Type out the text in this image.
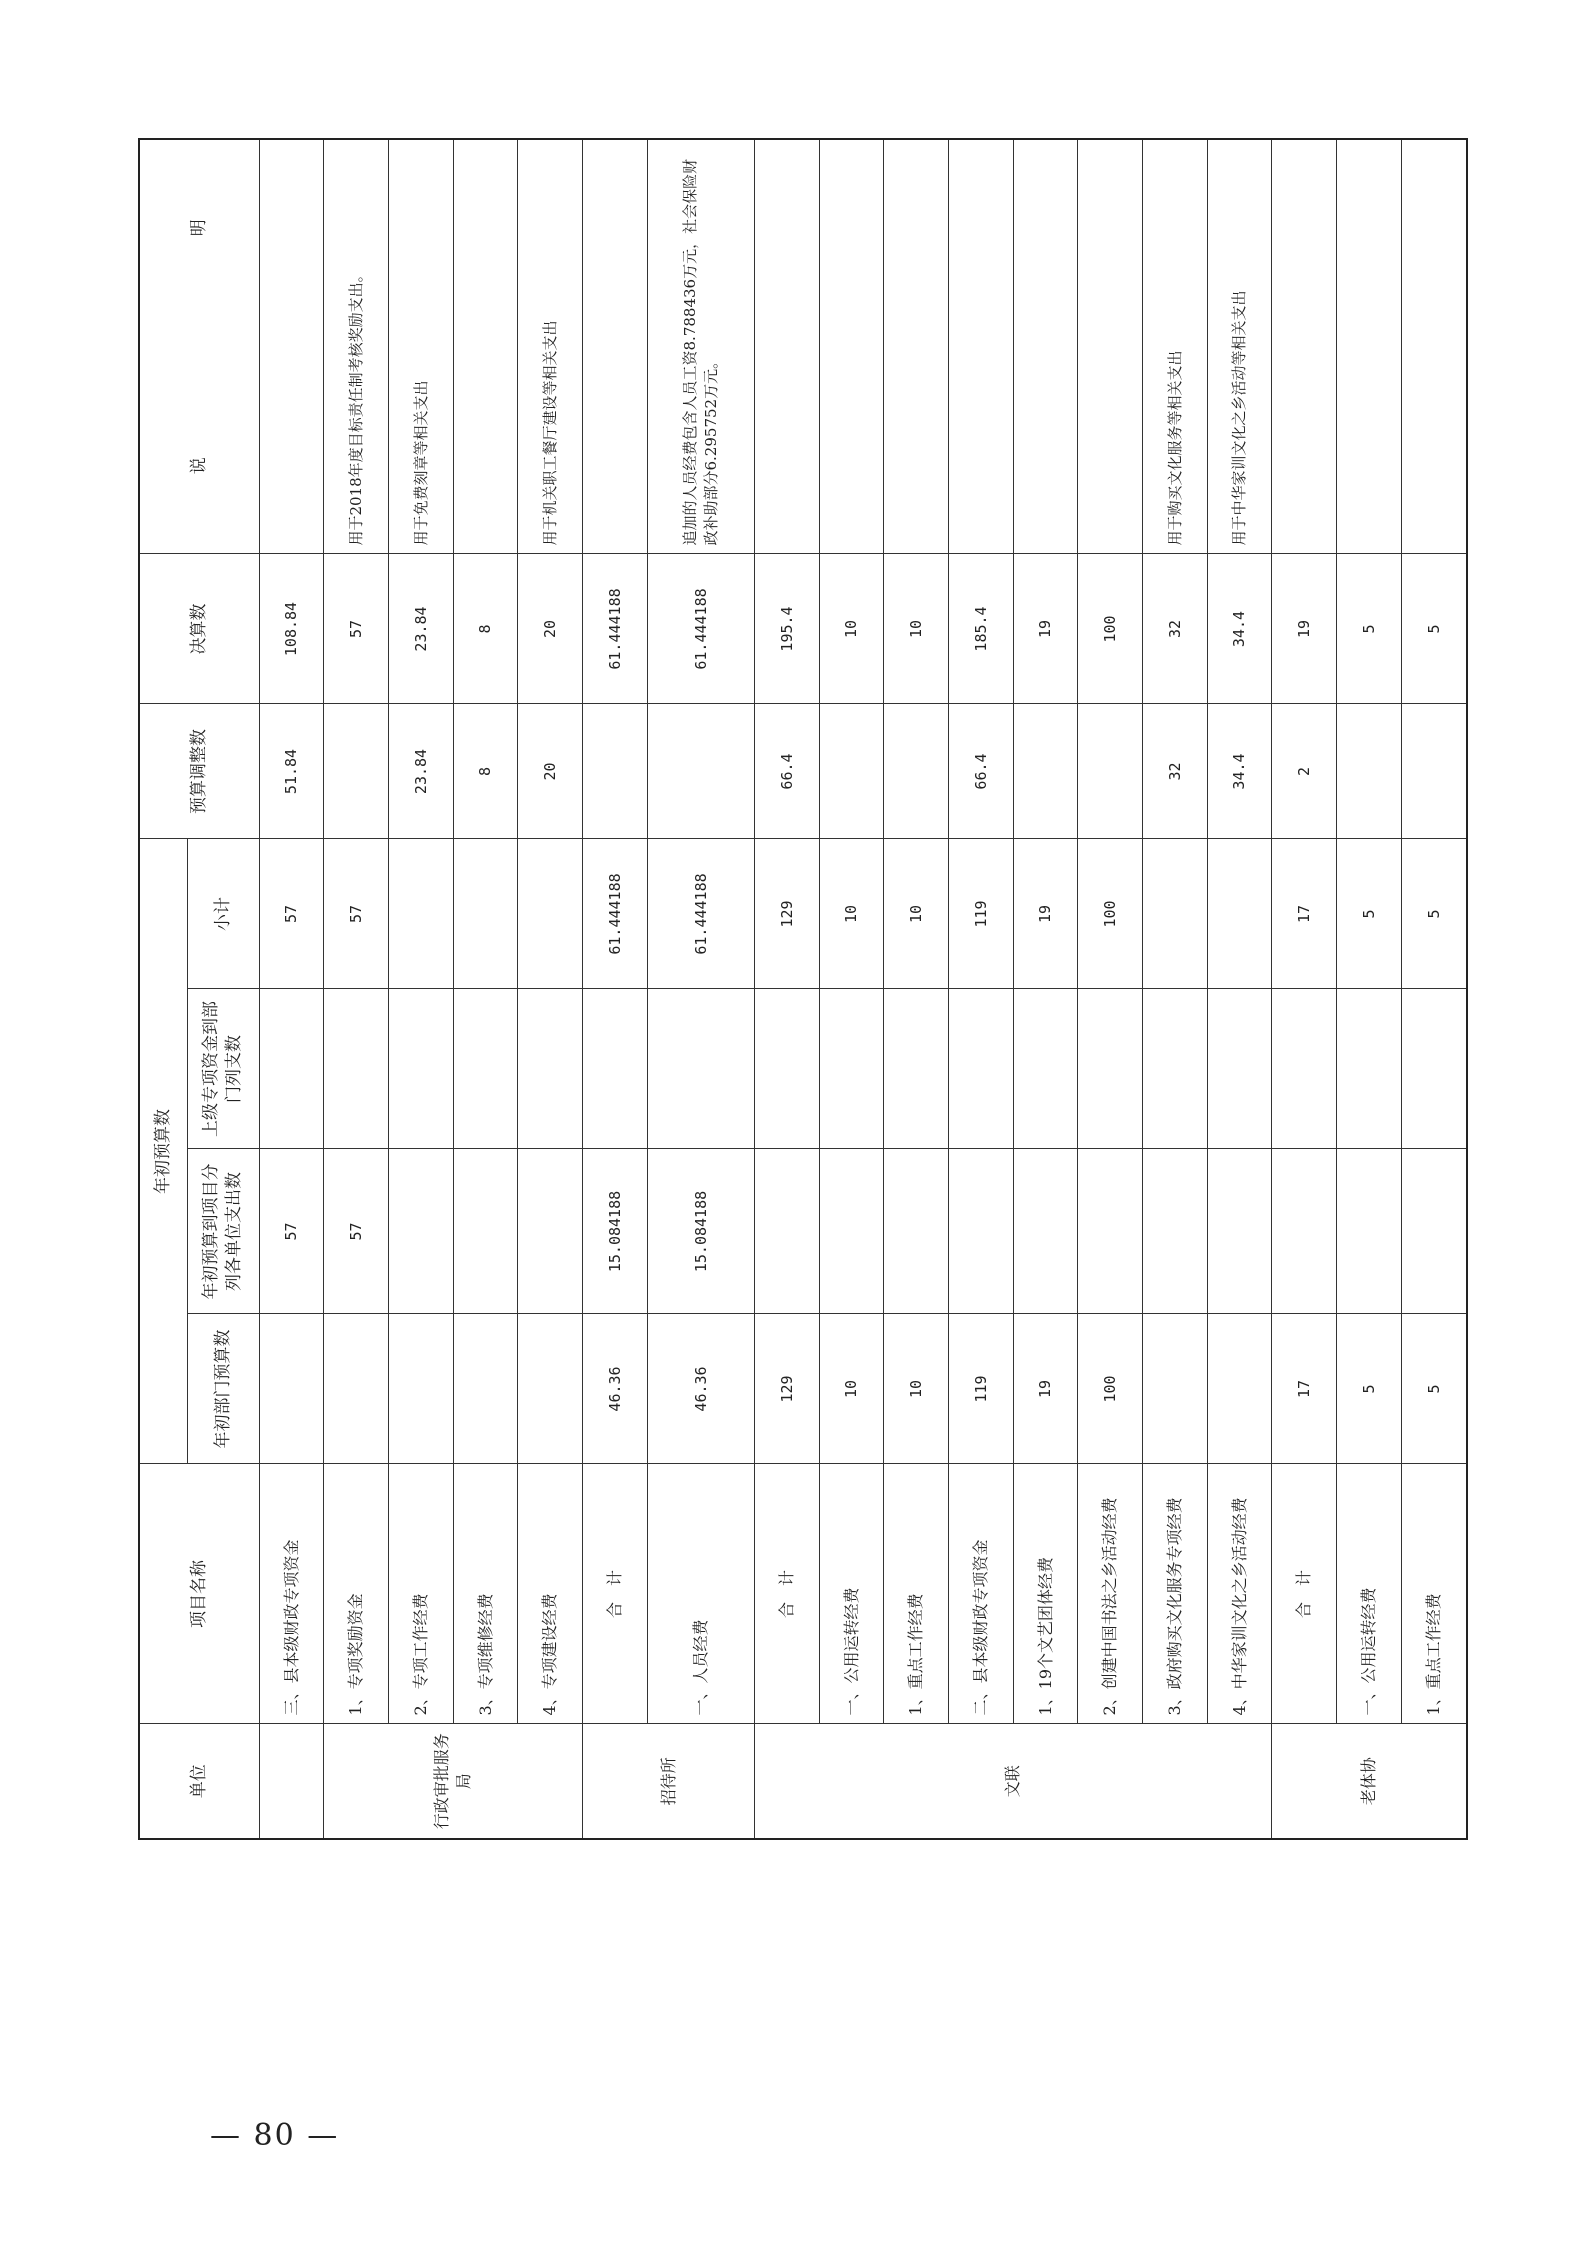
单位	项目名称	年初预算数				预算调整数	决算数	说　　　　　　　　　　　　　明
		年初部门预算数	年初预算到项目分列各单位支出数	上级专项资金到部门列支数	小计			
	三、县本级财政专项资金		57		57	51.84	108.84	
行政审批服务局	1、专项奖励资金		57		57		57	用于2018年度目标责任制考核奖励支出。
	2、专项工作经费					23.84	23.84	用于免费刻章等相关支出
	3、专项维修经费					8	8	
	4、专项建设经费					20	20	用于机关职工餐厅建设等相关支出
招待所	合　计	46.36	15.084188		61.444188		61.444188	
	一、人员经费	46.36	15.084188		61.444188		61.444188	追加的人员经费包含人员工资8.788436万元，社会保险财政补助部分6.295752万元。
文联	合　计	129			129	66.4	195.4	
	一、公用运转经费	10			10		10	
	1、重点工作经费	10			10		10	
	二、县本级财政专项资金	119			119	66.4	185.4	
	1、19个文艺团体经费	19			19		19	
	2、创建中国书法之乡活动经费	100			100		100	
	3、政府购买文化服务专项经费					32	32	用于购买文化服务等相关支出
	4、中华家训文化之乡活动经费					34.4	34.4	用于中华家训文化之乡活动等相关支出
老体协	合　计	17			17	2	19	
	一、公用运转经费	5			5		5	
	1、重点工作经费	5			5		5	
— 80 —
